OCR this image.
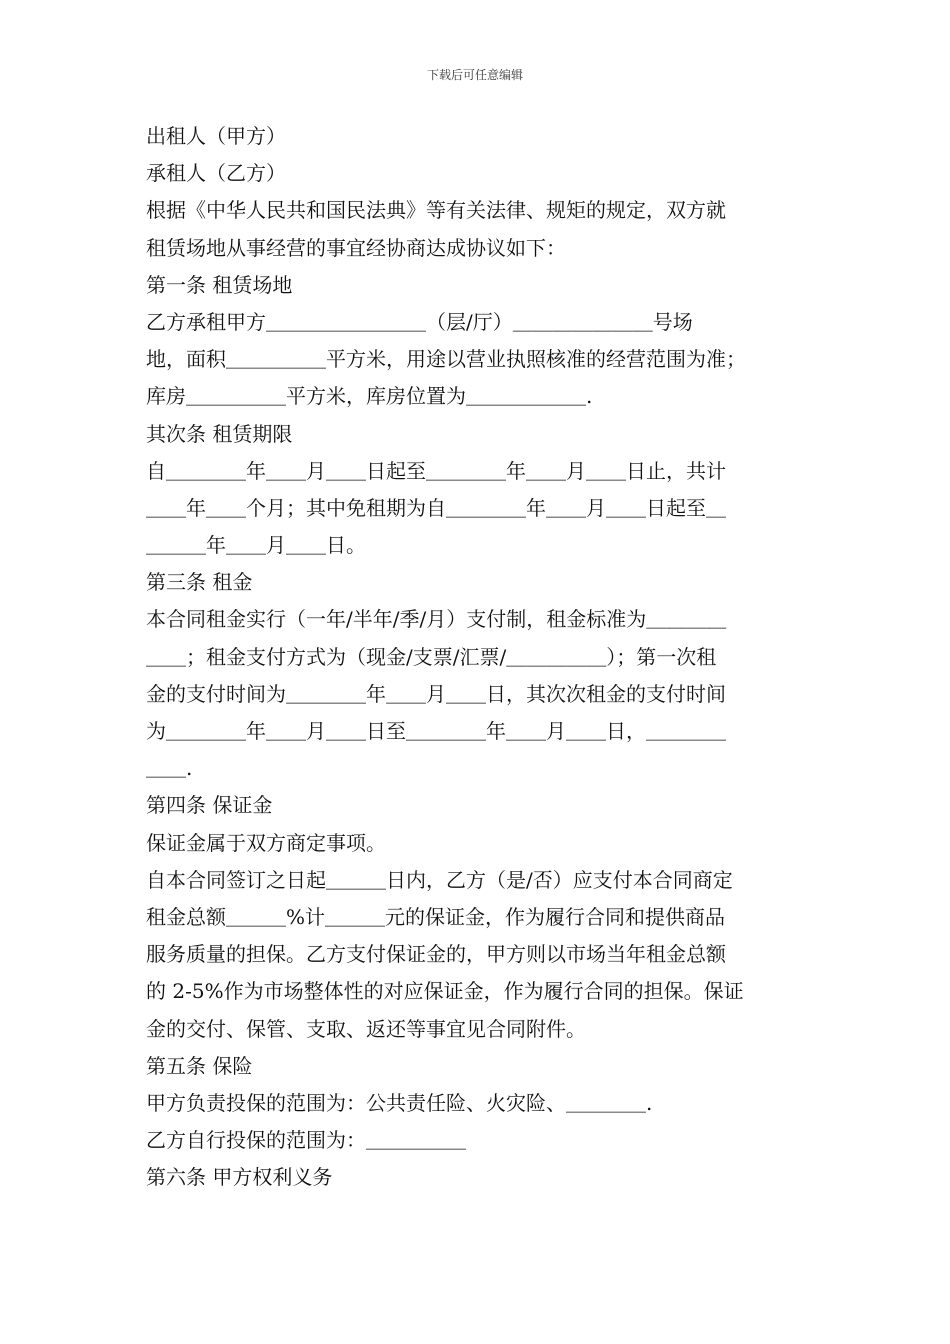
下载后可任意编辑
出租人（甲方）
承租人（乙方）
根据《中华人民共和国民法典》等有关法律、规矩的规定，双方就
租赁场地从事经营的事宜经协商达成协议如下：
第一条 租赁场地
乙方承租甲方＿＿＿＿＿＿＿＿（层/厅）＿＿＿＿＿＿＿号场
地，面积＿＿＿＿＿平方米，用途以营业执照核准的经营范围为准；
库房＿＿＿＿＿平方米，库房位置为＿＿＿＿＿＿.
其次条 租赁期限
自＿＿＿＿年＿＿月＿＿日起至＿＿＿＿年＿＿月＿＿日止，共计
＿＿年＿＿个月；其中免租期为自＿＿＿＿年＿＿月＿＿日起至＿
＿＿＿年＿＿月＿＿日。
第三条 租金
本合同租金实行（一年/半年/季/月）支付制，租金标准为＿＿＿＿
＿＿；租金支付方式为（现金/支票/汇票/＿＿＿＿＿）；第一次租
金的支付时间为＿＿＿＿年＿＿月＿＿日，其次次租金的支付时间
为＿＿＿＿年＿＿月＿＿日至＿＿＿＿年＿＿月＿＿日，＿＿＿＿
＿＿.
第四条 保证金
保证金属于双方商定事项。
自本合同签订之日起＿＿＿日内，乙方（是/否）应支付本合同商定
租金总额＿＿＿%计＿＿＿元的保证金，作为履行合同和提供商品
服务质量的担保。乙方支付保证金的，甲方则以市场当年租金总额
的 2-5%作为市场整体性的对应保证金，作为履行合同的担保。保证
金的交付、保管、支取、返还等事宜见合同附件。
第五条 保险
甲方负责投保的范围为：公共责任险、火灾险、＿＿＿＿.
乙方自行投保的范围为：＿＿＿＿＿
第六条 甲方权利义务
